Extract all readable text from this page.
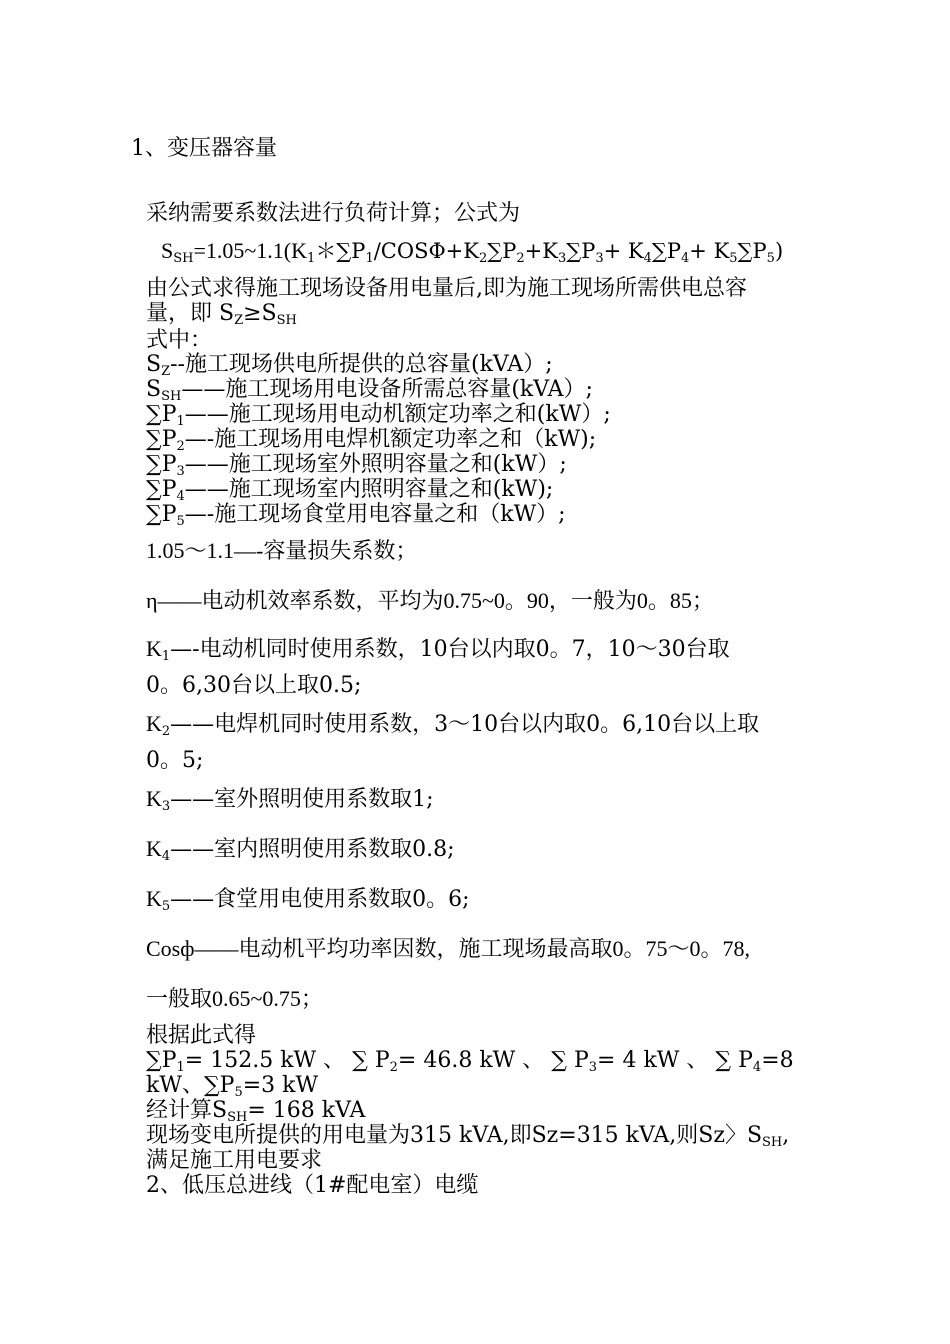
1、变压器容量
采纳需要系数法进行负荷计算；公式为
SSH=1.05~1.1(K1＊∑P1/COSΦ+K2∑P2+K3∑P3+ K4∑P4+ K5∑P5)
由公式求得施工现场设备用电量后,即为施工现场所需供电总容
量，即 SZ≥SSH
式中：
SZ--施工现场供电所提供的总容量(kVA）;
SSH——施工现场用电设备所需总容量(kVA）;
∑P1——施工现场用电动机额定功率之和(kW）;
∑P2—-施工现场用电焊机额定功率之和（kW);
∑P3——施工现场室外照明容量之和(kW）;
∑P4——施工现场室内照明容量之和(kW);
∑P5—-施工现场食堂用电容量之和（kW）;
1.05～1.1—-容量损失系数；
η——电动机效率系数，平均为0.75~0。90，一般为0。85；
K1—-电动机同时使用系数，10台以内取0。7，10～30台取
0。6,30台以上取0.5;
K2——电焊机同时使用系数，3～10台以内取0。6,10台以上取
0。5;
K3——室外照明使用系数取1;
K4——室内照明使用系数取0.8;
K5——食堂用电使用系数取0。6;
Cosф——电动机平均功率因数，施工现场最高取0。75～0。78,
一般取0.65~0.75；
根据此式得
∑P1= 152.5 kW 、 ∑ P2= 46.8 kW 、 ∑ P3= 4 kW 、 ∑ P4=8
kW、∑P5=3 kW
经计算SSH= 168 kVA
现场变电所提供的用电量为315 kVA,即Sz=315 kVA,则Sz〉SSH,
满足施工用电要求
2、低压总进线（1#配电室）电缆
